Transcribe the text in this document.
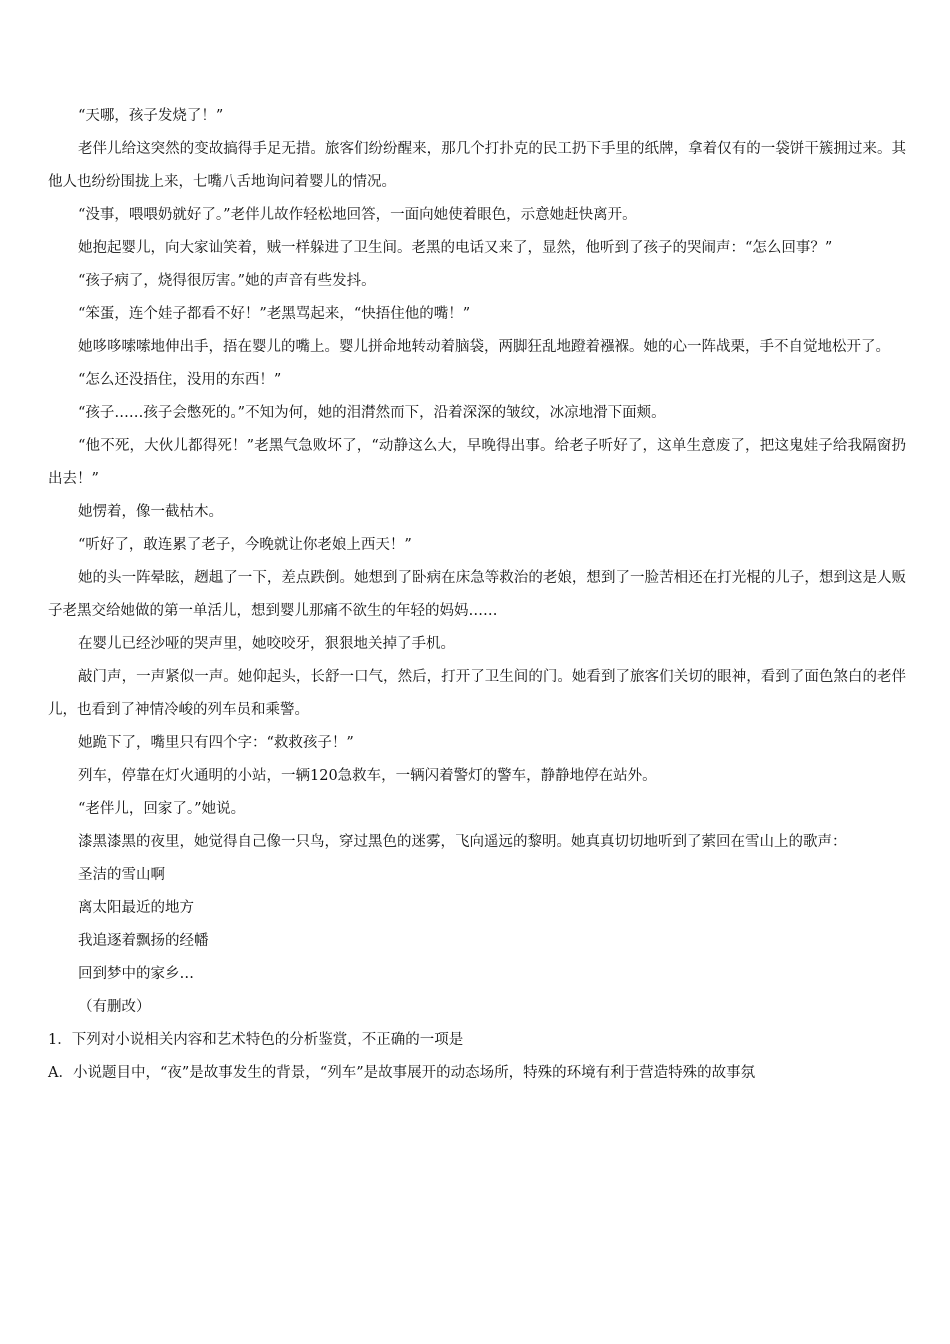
“天哪，孩子发烧了！”

老伴儿给这突然的变故搞得手足无措。旅客们纷纷醒来，那几个打扑克的民工扔下手里的纸牌，拿着仅有的一袋饼干簇拥过来。其他人也纷纷围拢上来，七嘴八舌地询问着婴儿的情况。

“没事，喂喂奶就好了。”老伴儿故作轻松地回答，一面向她使着眼色，示意她赶快离开。

她抱起婴儿，向大家讪笑着，贼一样躲进了卫生间。老黑的电话又来了，显然，他听到了孩子的哭闹声：“怎么回事？”

“孩子病了，烧得很厉害。”她的声音有些发抖。

“笨蛋，连个娃子都看不好！”老黑骂起来，“快捂住他的嘴！”

她哆哆嗦嗦地伸出手，捂在婴儿的嘴上。婴儿拼命地转动着脑袋，两脚狂乱地蹬着襁褓。她的心一阵战栗，手不自觉地松开了。

“怎么还没捂住，没用的东西！”

“孩子……孩子会憋死的。”不知为何，她的泪潸然而下，沿着深深的皱纹，冰凉地滑下面颊。

“他不死，大伙儿都得死！”老黑气急败坏了，“动静这么大，早晚得出事。给老子听好了，这单生意废了，把这鬼娃子给我隔窗扔出去！”

她愣着，像一截枯木。

“听好了，敢连累了老子，今晚就让你老娘上西天！”

她的头一阵晕眩，趔趄了一下，差点跌倒。她想到了卧病在床急等救治的老娘，想到了一脸苦相还在打光棍的儿子，想到这是人贩子老黑交给她做的第一单活儿，想到婴儿那痛不欲生的年轻的妈妈……

在婴儿已经沙哑的哭声里，她咬咬牙，狠狠地关掉了手机。

敲门声，一声紧似一声。她仰起头，长舒一口气，然后，打开了卫生间的门。她看到了旅客们关切的眼神，看到了面色煞白的老伴儿，也看到了神情冷峻的列车员和乘警。

她跪下了，嘴里只有四个字：“救救孩子！”

列车，停靠在灯火通明的小站，一辆120急救车，一辆闪着警灯的警车，静静地停在站外。

“老伴儿，回家了。”她说。

漆黑漆黑的夜里，她觉得自己像一只鸟，穿过黑色的迷雾，飞向遥远的黎明。她真真切切地听到了萦回在雪山上的歌声：

圣洁的雪山啊

离太阳最近的地方

我追逐着飘扬的经幡

回到梦中的家乡…

（有删改）

1．下列对小说相关内容和艺术特色的分析鉴赏，不正确的一项是

A．小说题目中，“夜”是故事发生的背景，“列车”是故事展开的动态场所，特殊的环境有利于营造特殊的故事氛
